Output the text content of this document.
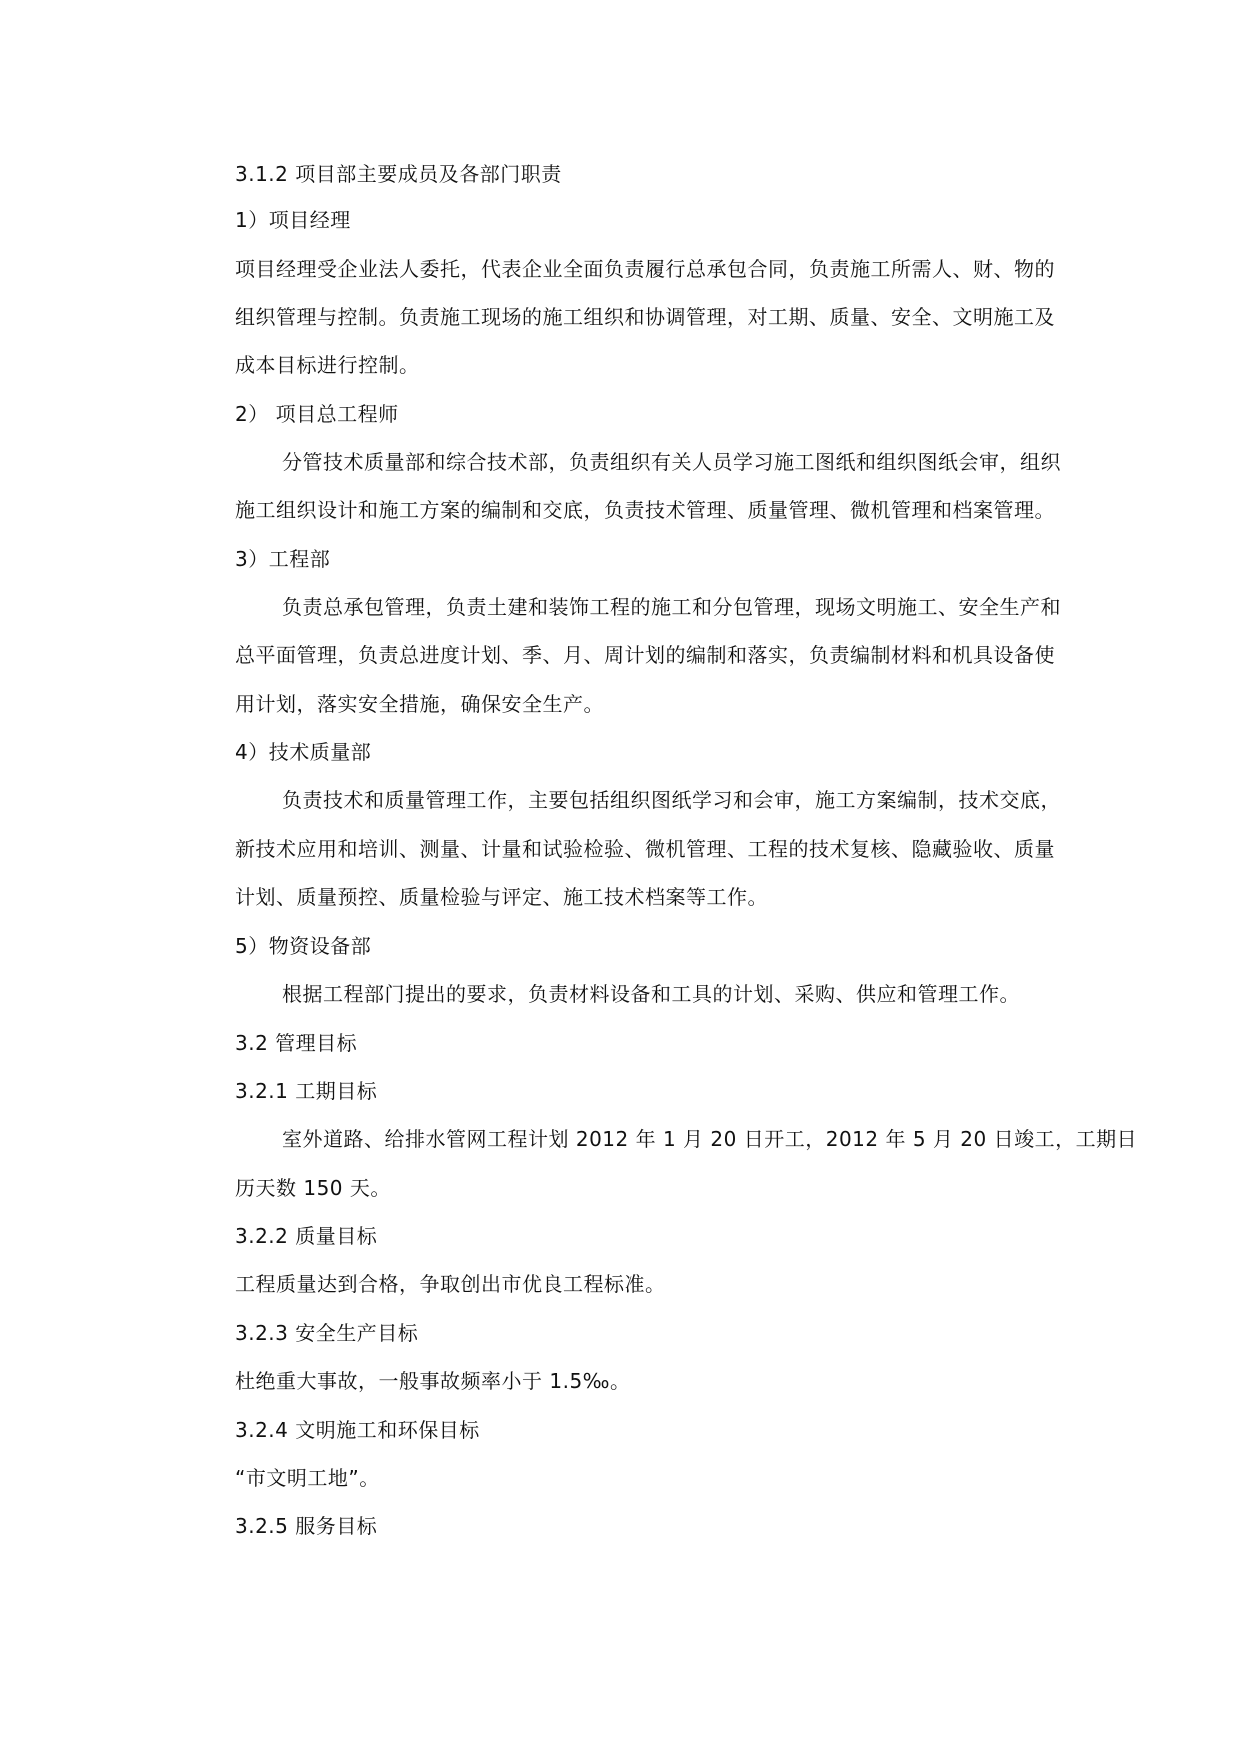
3.1.2 项目部主要成员及各部门职责
1）项目经理
项目经理受企业法人委托，代表企业全面负责履行总承包合同，负责施工所需人、财、物的
组织管理与控制。负责施工现场的施工组织和协调管理，对工期、质量、安全、文明施工及
成本目标进行控制。
2） 项目总工程师
分管技术质量部和综合技术部，负责组织有关人员学习施工图纸和组织图纸会审，组织
施工组织设计和施工方案的编制和交底，负责技术管理、质量管理、微机管理和档案管理。
3）工程部
负责总承包管理，负责土建和装饰工程的施工和分包管理，现场文明施工、安全生产和
总平面管理，负责总进度计划、季、月、周计划的编制和落实，负责编制材料和机具设备使
用计划，落实安全措施，确保安全生产。
4）技术质量部
负责技术和质量管理工作，主要包括组织图纸学习和会审，施工方案编制，技术交底，
新技术应用和培训、测量、计量和试验检验、微机管理、工程的技术复核、隐藏验收、质量
计划、质量预控、质量检验与评定、施工技术档案等工作。
5）物资设备部
根据工程部门提出的要求，负责材料设备和工具的计划、采购、供应和管理工作。
3.2 管理目标
3.2.1 工期目标
室外道路、给排水管网工程计划 2012 年 1 月 20 日开工，2012 年 5 月 20 日竣工，工期日
历天数 150 天。
3.2.2 质量目标
工程质量达到合格，争取创出市优良工程标准。
3.2.3 安全生产目标
杜绝重大事故，一般事故频率小于 1.5‰。
3.2.4 文明施工和环保目标
“市文明工地”。
3.2.5 服务目标
